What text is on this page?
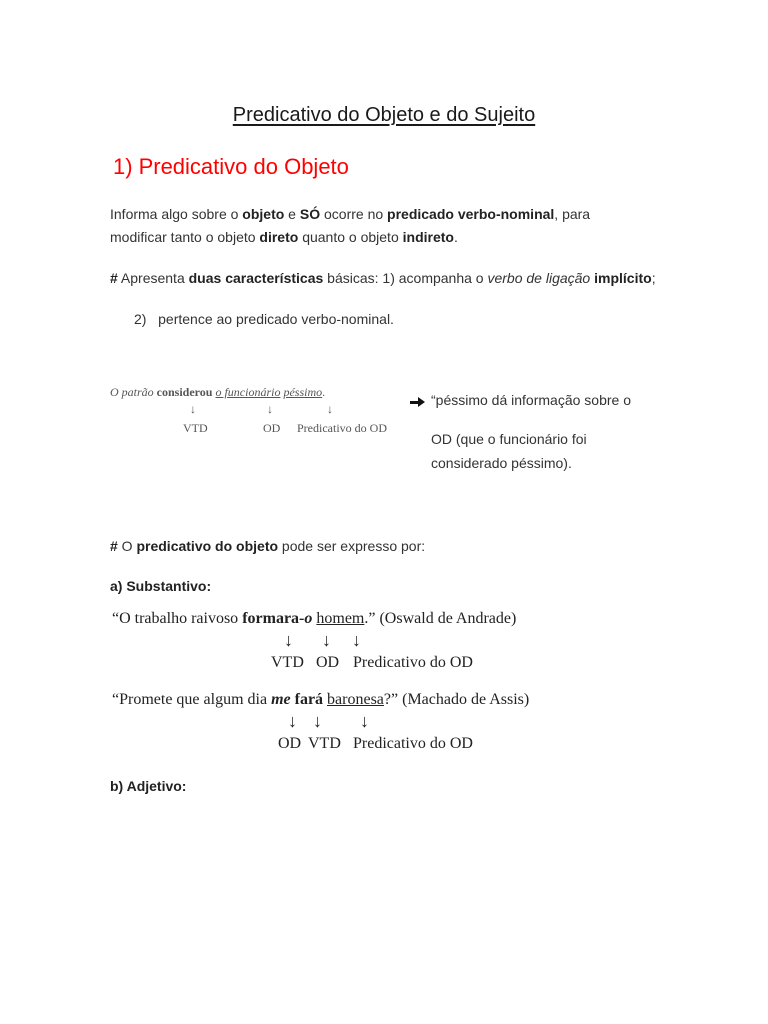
Predicativo do Objeto e do Sujeito
1) Predicativo do Objeto
Informa algo sobre o objeto e SÓ ocorre no predicado verbo-nominal, para
modificar tanto o objeto direto quanto o objeto indireto.
# Apresenta duas características básicas: 1) acompanha o verbo de ligação implícito;
2) pertence ao predicado verbo-nominal.
O patrão considerou o funcionário péssimo.
↓	↓	↓
VTD	OD Predicativo do OD
“péssimo dá informação sobre o
OD (que o funcionário foi
considerado péssimo).
# O predicativo do objeto pode ser expresso por:
a) Substantivo:
“O trabalho raivoso formara-o homem.” (Oswald de Andrade)
↓ ↓ ↓
VTD OD Predicativo do OD
“Promete que algum dia me fará baronesa?” (Machado de Assis)
↓ ↓ ↓
OD VTD Predicativo do OD
b) Adjetivo:
